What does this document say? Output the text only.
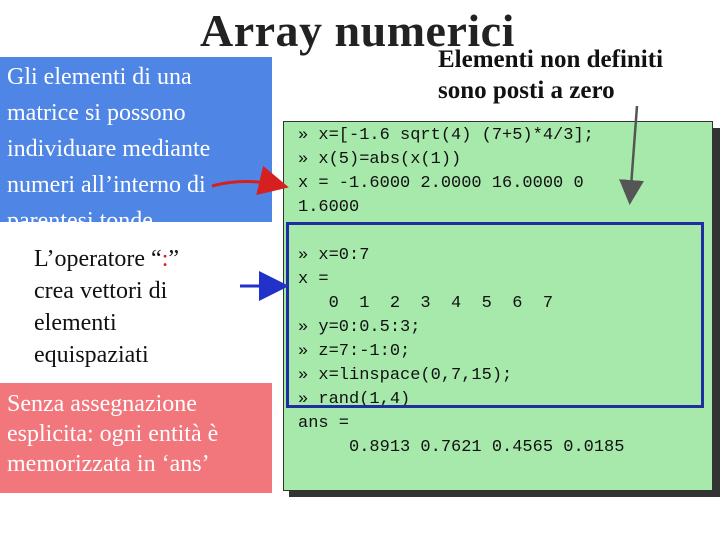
Array numerici
Elementi non definiti
sono posti a zero
Gli elementi di una
matrice si possono
individuare mediante
numeri all’interno di
parentesi tonde
L’operatore “:”
crea vettori di
elementi
equispaziati
Senza assegnazione
esplicita: ogni entità è
memorizzata in ‘ans’
» x=[-1.6 sqrt(4) (7+5)*4/3];
» x(5)=abs(x(1))
x = -1.6000 2.0000 16.0000 0
1.6000
» x=0:7
x =
0  1  2  3  4  5  6  7
» y=0:0.5:3;
» z=7:-1:0;
» x=linspace(0,7,15);
» rand(1,4)
ans =
0.8913 0.7621 0.4565 0.0185
